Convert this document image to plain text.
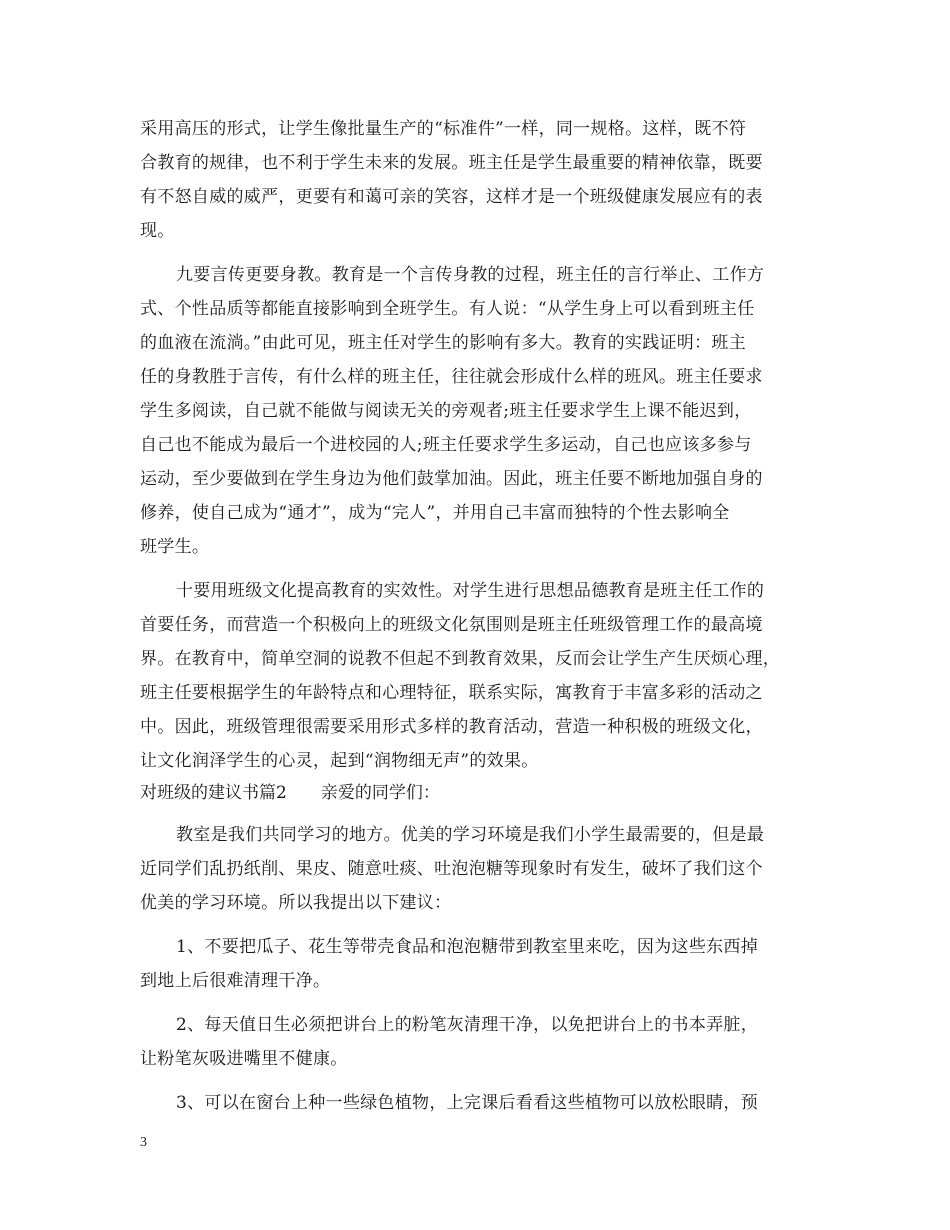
采用高压的形式，让学生像批量生产的“标准件”一样，同一规格。这样，既不符
合教育的规律，也不利于学生未来的发展。班主任是学生最重要的精神依靠，既要
有不怒自威的威严，更要有和蔼可亲的笑容，这样才是一个班级健康发展应有的表
现。
九要言传更要身教。教育是一个言传身教的过程，班主任的言行举止、工作方
式、个性品质等都能直接影响到全班学生。有人说：“从学生身上可以看到班主任
的血液在流淌。”由此可见，班主任对学生的影响有多大。教育的实践证明：班主
任的身教胜于言传，有什么样的班主任，往往就会形成什么样的班风。班主任要求
学生多阅读，自己就不能做与阅读无关的旁观者;班主任要求学生上课不能迟到，
自己也不能成为最后一个进校园的人;班主任要求学生多运动，自己也应该多参与
运动，至少要做到在学生身边为他们鼓掌加油。因此，班主任要不断地加强自身的
修养，使自己成为“通才”，成为“完人”，并用自己丰富而独特的个性去影响全
班学生。
十要用班级文化提高教育的实效性。对学生进行思想品德教育是班主任工作的
首要任务，而营造一个积极向上的班级文化氛围则是班主任班级管理工作的最高境
界。在教育中，简单空洞的说教不但起不到教育效果，反而会让学生产生厌烦心理，
班主任要根据学生的年龄特点和心理特征，联系实际，寓教育于丰富多彩的活动之
中。因此，班级管理很需要采用形式多样的教育活动，营造一种积极的班级文化，
让文化润泽学生的心灵，起到“润物细无声”的效果。
对班级的建议书篇2 亲爱的同学们：
教室是我们共同学习的地方。优美的学习环境是我们小学生最需要的，但是最
近同学们乱扔纸削、果皮、随意吐痰、吐泡泡糖等现象时有发生，破坏了我们这个
优美的学习环境。所以我提出以下建议：
1、不要把瓜子、花生等带壳食品和泡泡糖带到教室里来吃，因为这些东西掉
到地上后很难清理干净。
2、每天值日生必须把讲台上的粉笔灰清理干净，以免把讲台上的书本弄脏，
让粉笔灰吸进嘴里不健康。
3、可以在窗台上种一些绿色植物，上完课后看看这些植物可以放松眼睛，预
3
